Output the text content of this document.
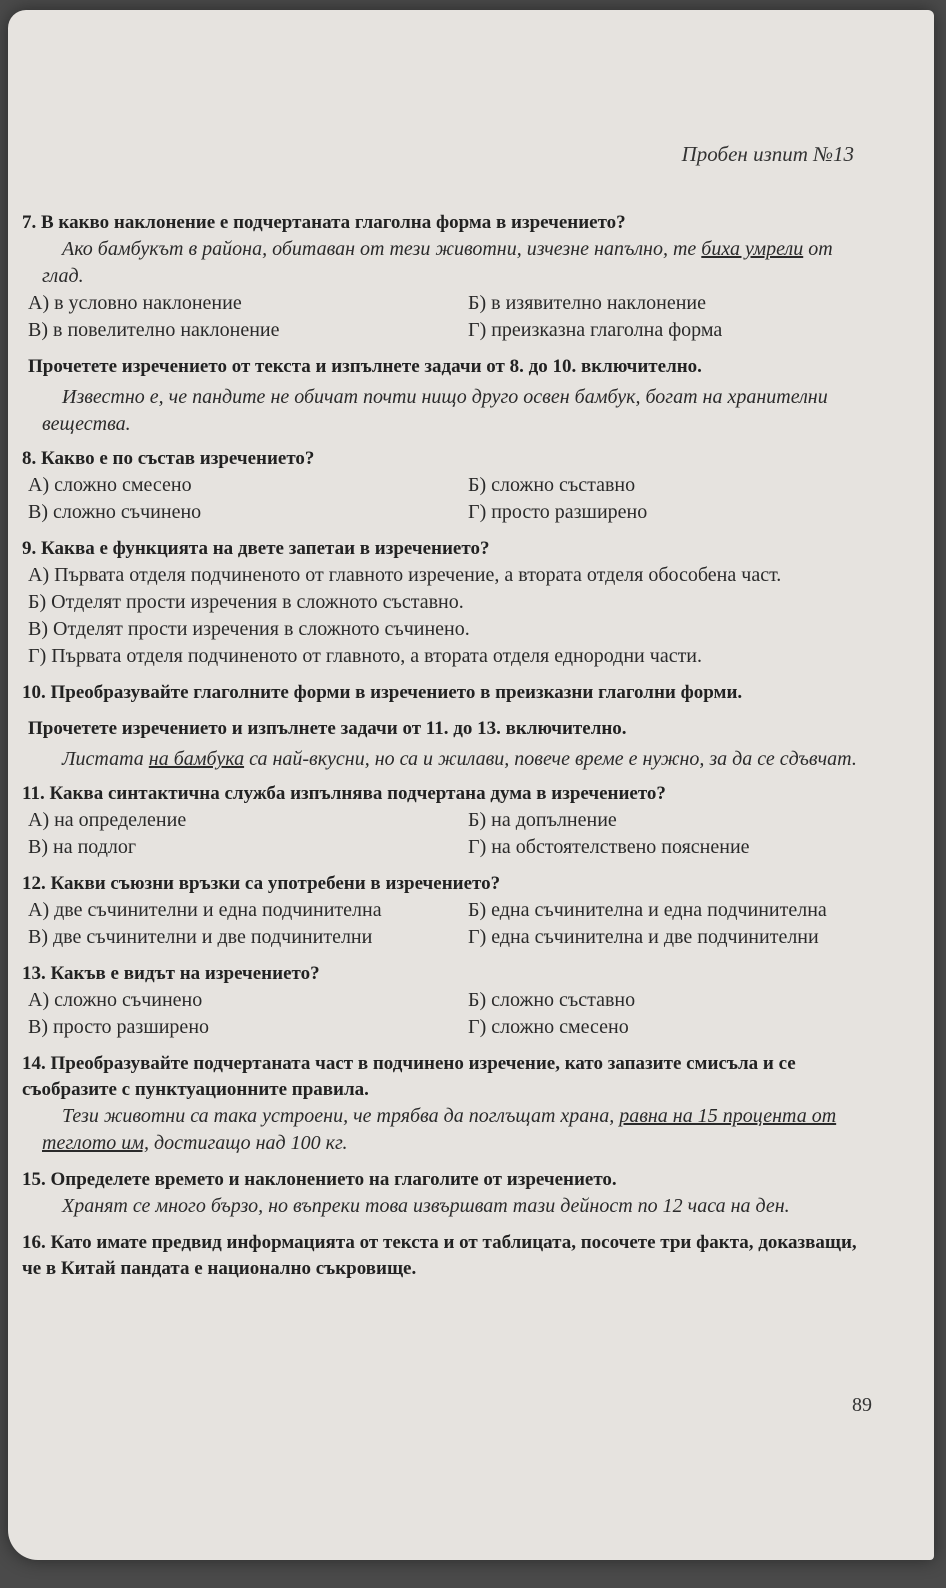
Пробен изпит №13
7. В какво наклонение е подчертаната глаголна форма в изречението?
Ако бамбукът в района, обитаван от тези животни, изчезне напълно, те биха умрели от глад.
А) в условно наклонение	Б) в изявително наклонение
В) в повелително наклонение	Г) преизказна глаголна форма
Прочетете изречението от текста и изпълнете задачи от 8. до 10. включително.
Известно е, че пандите не обичат почти нищо друго освен бамбук, богат на хранителни вещества.
8. Какво е по състав изречението?
А) сложно смесено	Б) сложно съставно
В) сложно съчинено	Г) просто разширено
9. Каква е функцията на двете запетаи в изречението?
А) Първата отделя подчиненото от главното изречение, а втората отделя обособена част.
Б) Отделят прости изречения в сложното съставно.
В) Отделят прости изречения в сложното съчинено.
Г) Първата отделя подчиненото от главното, а втората отделя еднородни части.
10. Преобразувайте глаголните форми в изречението в преизказни глаголни форми.
Прочетете изречението и изпълнете задачи от 11. до 13. включително.
Листата на бамбука са най-вкусни, но са и жилави, повече време е нужно, за да се сдъвчат.
11. Каква синтактична служба изпълнява подчертана дума в изречението?
А) на определение	Б) на допълнение
В) на подлог	Г) на обстоятелствено пояснение
12. Какви съюзни връзки са употребени в изречението?
А) две съчинителни и една подчинителна	Б) една съчинителна и една подчинителна
В) две съчинителни и две подчинителни	Г) една съчинителна и две подчинителни
13. Какъв е видът на изречението?
А) сложно съчинено	Б) сложно съставно
В) просто разширено	Г) сложно смесено
14. Преобразувайте подчертаната част в подчинено изречение, като запазите смисъла и се съобразите с пунктуационните правила.
Тези животни са така устроени, че трябва да поглъщат храна, равна на 15 процента от теглото им, достигащо над 100 кг.
15. Определете времето и наклонението на глаголите от изречението.
Хранят се много бързо, но въпреки това извършват тази дейност по 12 часа на ден.
16. Като имате предвид информацията от текста и от таблицата, посочете три факта, доказващи, че в Китай пандата е национално съкровище.
89
